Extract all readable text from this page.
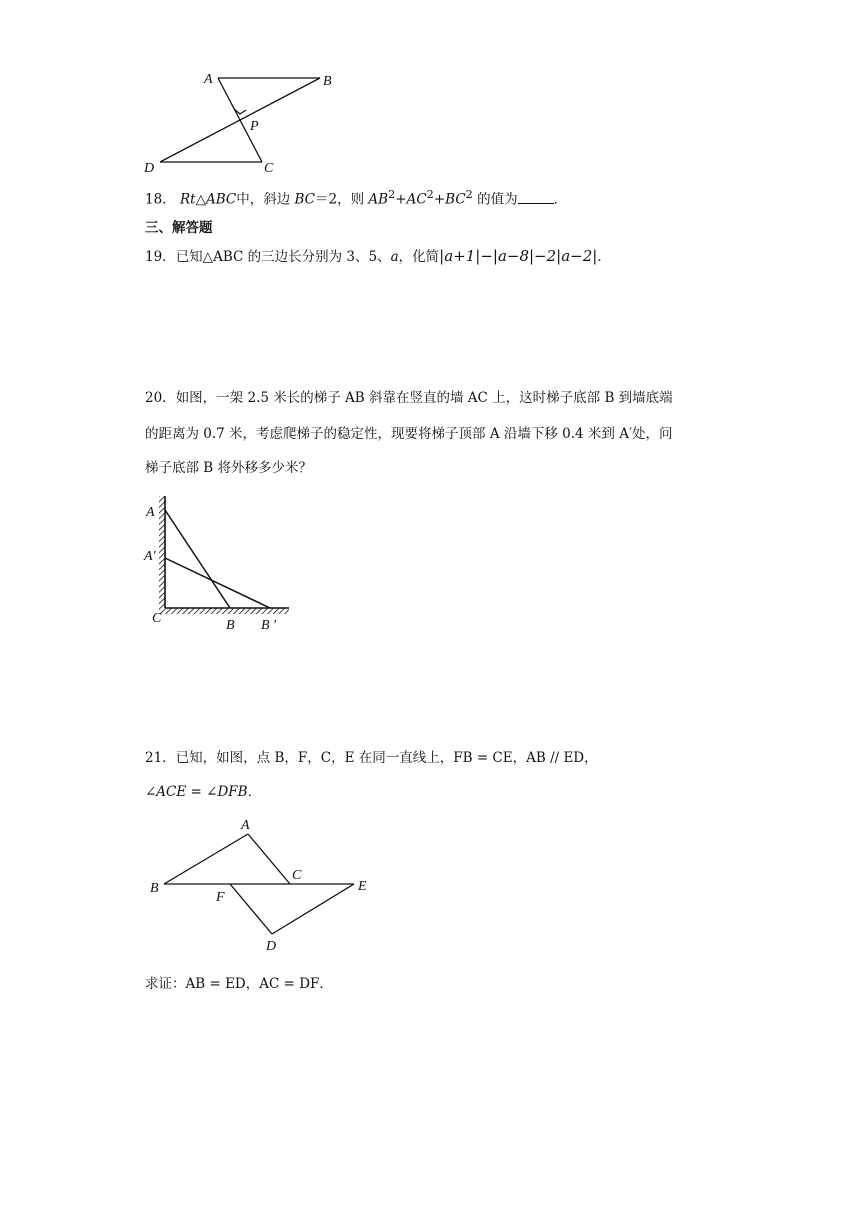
A	B
P
D	C
18． Rt△ABC中，斜边 BC＝2，则 $AB^2+AC^2+BC^2$ 的值为	．
三、解答题
19．已知△ABC 的三边长分别为 3、5、a，化简|a+1|−|a−8|−2|a−2|．
20．如图，一架 2.5 米长的梯子 AB 斜靠在竖直的墙 AC 上，这时梯子底部 B 到墙底端
的距离为 0.7 米，考虑爬梯子的稳定性，现要将梯子顶部 A 沿墙下移 0.4 米到 A′处，问
梯子底部 B 将外移多少米？
A
A′
C	B B ′
21．已知，如图，点 B，F，C，E 在同一直线上，FB = CE，AB // ED，
∠ACE = ∠DFB．
A
B
C
E
F
D
求证：AB = ED，AC = DF．
